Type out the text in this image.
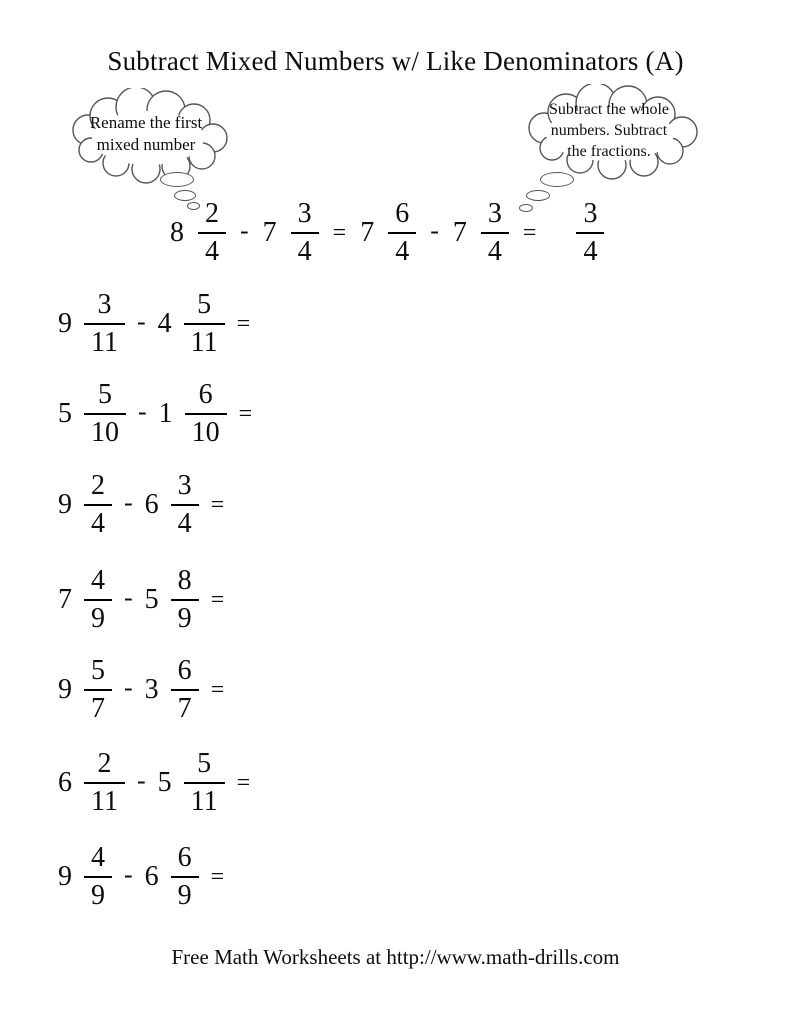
Subtract Mixed Numbers w/ Like Denominators (A)
Rename the first
mixed number
Subtract the whole
numbers. Subtract
the fractions.
$8 \frac{2}{4} - 7 \frac{3}{4} = 7 \frac{6}{4} - 7 \frac{3}{4} = \frac{3}{4}$
$9 \frac{3}{11} - 4 \frac{5}{11}$ =
$5 \frac{5}{10} - 1 \frac{6}{10}$ =
$9 \frac{2}{4} - 6 \frac{3}{4}$ =
$7 \frac{4}{9} - 5 \frac{8}{9}$ =
$9 \frac{5}{7} - 3 \frac{6}{7}$ =
$6 \frac{2}{11} - 5 \frac{5}{11}$ =
$9 \frac{4}{9} - 6 \frac{6}{9}$ =
Free Math Worksheets at http://www.math-drills.com
